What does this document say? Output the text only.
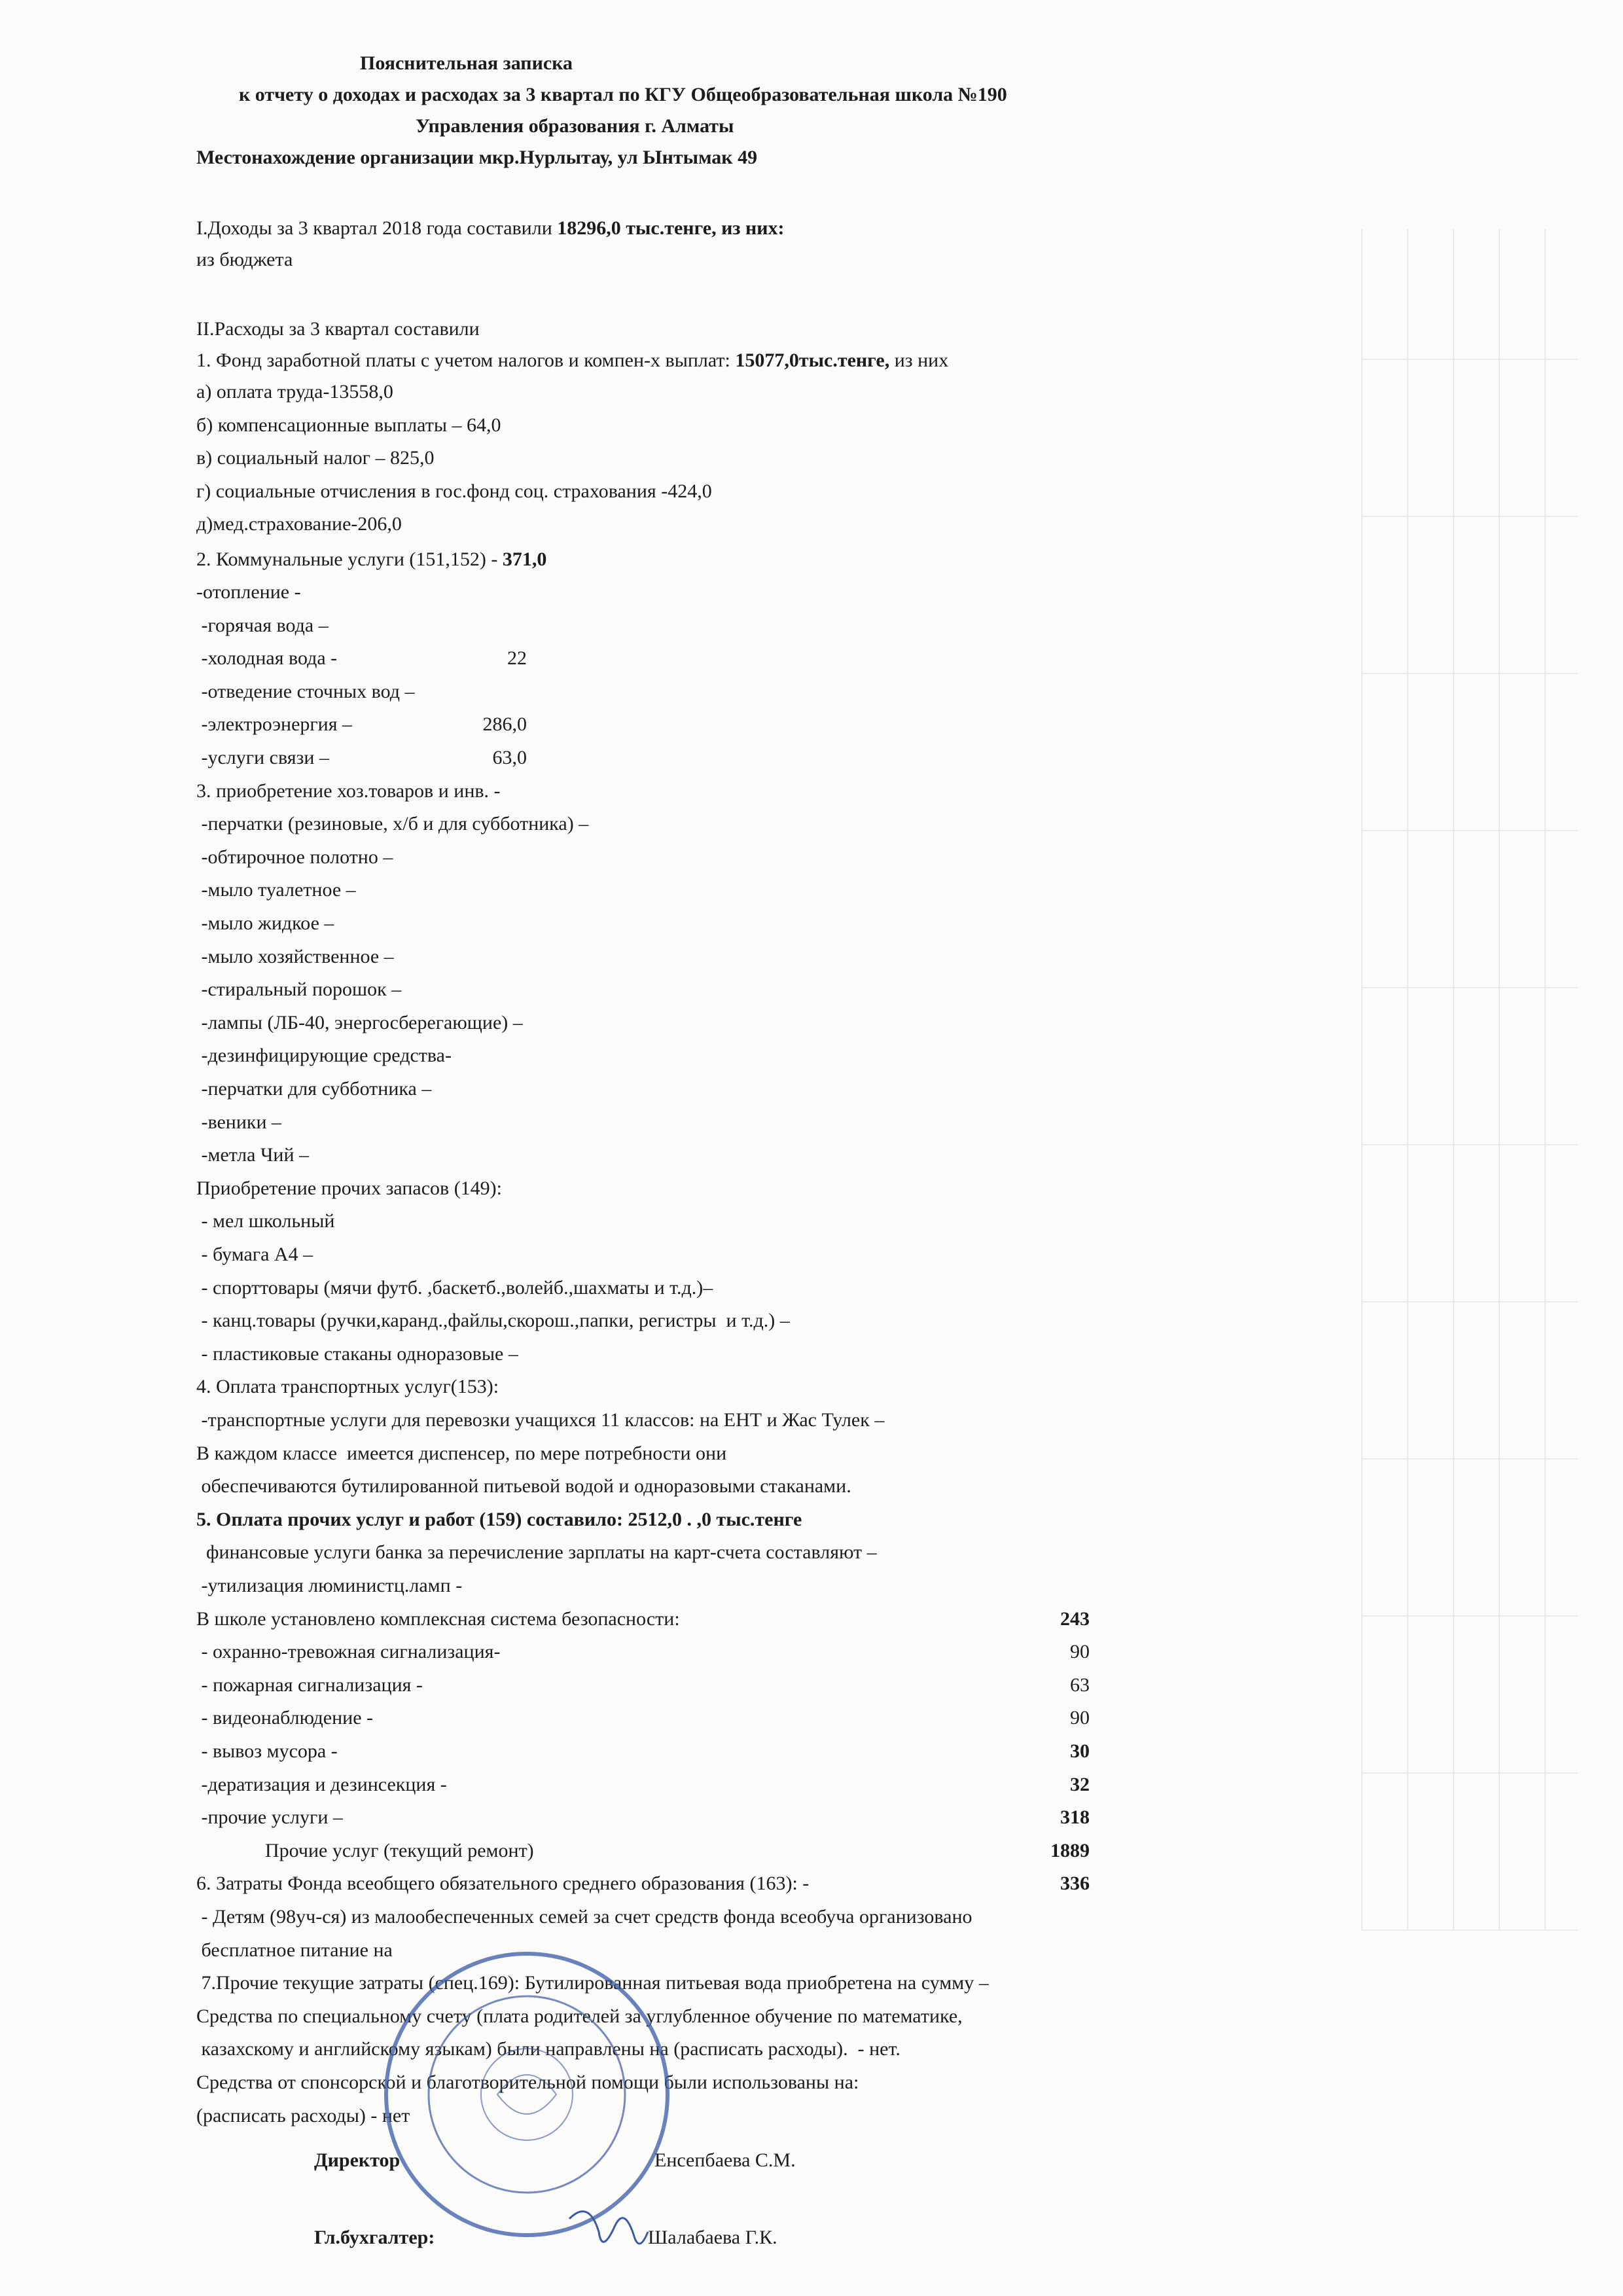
Пояснительная записка
к отчету о доходах и расходах за 3 квартал по КГУ Общеобразовательная школа №190
Управления образования г. Алматы
Местонахождение организации мкр.Нурлытау, ул Ынтымак 49
I.Доходы за 3 квартал 2018 года составили 18296,0 тыс.тенге, из них:
из бюджета
II.Расходы за 3 квартал составили
1. Фонд заработной платы с учетом налогов и компен-х выплат: 15077,0тыс.тенге, из них
а) оплата труда-13558,0
б) компенсационные выплаты – 64,0
в) социальный налог – 825,0
г) социальные отчисления в гос.фонд соц. страхования -424,0
д)мед.страхование-206,0
2. Коммунальные услуги (151,152) - 371,0
-отопление -
-горячая вода –
-холодная вода -	22
-отведение сточных вод –
-электроэнергия –	286,0
-услуги связи –	63,0
3. приобретение хоз.товаров и инв. -
-перчатки (резиновые, х/б и для субботника) –
-обтирочное полотно –
-мыло туалетное –
-мыло жидкое –
-мыло хозяйственное –
-стиральный порошок –
-лампы (ЛБ-40, энергосберегающие) –
-дезинфицирующие средства-
-перчатки для субботника –
-веники –
-метла Чий –
Приобретение прочих запасов (149):
- мел школьный
- бумага А4 –
- спорттовары (мячи футб. ,баскетб.,волейб.,шахматы и т.д.)–
- канц.товары (ручки,каранд.,файлы,скорош.,папки, регистры  и т.д.) –
- пластиковые стаканы одноразовые –
4. Оплата транспортных услуг(153):
-транспортные услуги для перевозки учащихся 11 классов: на ЕНТ и Жас Тулек –
В каждом классе  имеется диспенсер, по мере потребности они
обеспечиваются бутилированной питьевой водой и одноразовыми стаканами.
5. Оплата прочих услуг и работ (159) составило: 2512,0 . ,0 тыс.тенге
финансовые услуги банка за перечисление зарплаты на карт-счета составляют –
-утилизация люминистц.ламп -
В школе установлено комплексная система безопасности:	243
- охранно-тревожная сигнализация-	90
- пожарная сигнализация -	63
- видеонаблюдение -	90
- вывоз мусора -	30
-дератизация и дезинсекция -	32
-прочие услуги –	318
Прочие услуг (текущий ремонт)	1889
6. Затраты Фонда всеобщего обязательного среднего образования (163): -	336
- Детям (98уч-ся) из малообеспеченных семей за счет средств фонда всеобуча организовано
бесплатное питание на
7.Прочие текущие затраты (спец.169): Бутилированная питьевая вода приобретена на сумму –
Средства по специальному счету (плата родителей за углубленное обучение по математике,
казахскому и английскому языкам) были направлены на (расписать расходы).  - нет.
Средства от спонсорской и благотворительной помощи были использованы на:
(расписать расходы) - нет
Директор	Енсепбаева С.М.
Гл.бухгалтер:	Шалабаева Г.К.
